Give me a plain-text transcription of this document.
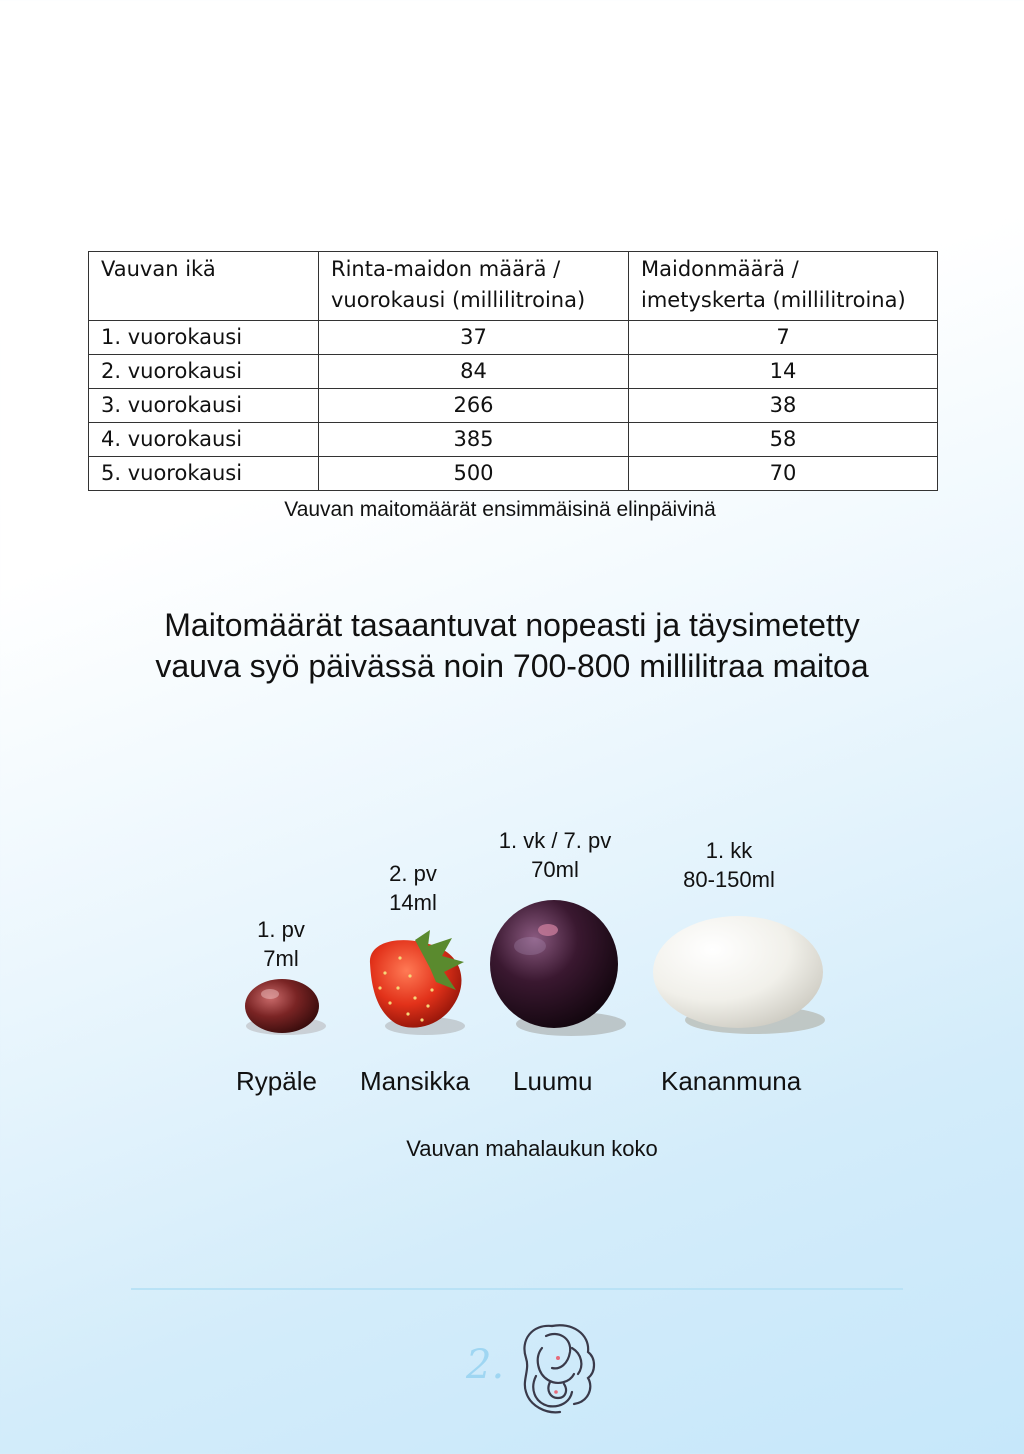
Vauvan ikä	Rinta-maidon määrä / vuorokausi (millilitroina)	Maidonmäärä / imetyskerta (millilitroina)
1. vuorokausi	37	7
2. vuorokausi	84	14
3. vuorokausi	266	38
4. vuorokausi	385	58
5. vuorokausi	500	70
Vauvan maitomäärät ensimmäisinä elinpäivinä
Maitomäärät tasaantuvat nopeasti ja täysimetetty
vauva syö päivässä noin 700-800 millilitraa maitoa
1. pv
7ml
2. pv
14ml
1. vk / 7. pv
70ml
1. kk
80-150ml
Rypäle Mansikka Luumu	Kananmuna
Vauvan mahalaukun koko
2.
